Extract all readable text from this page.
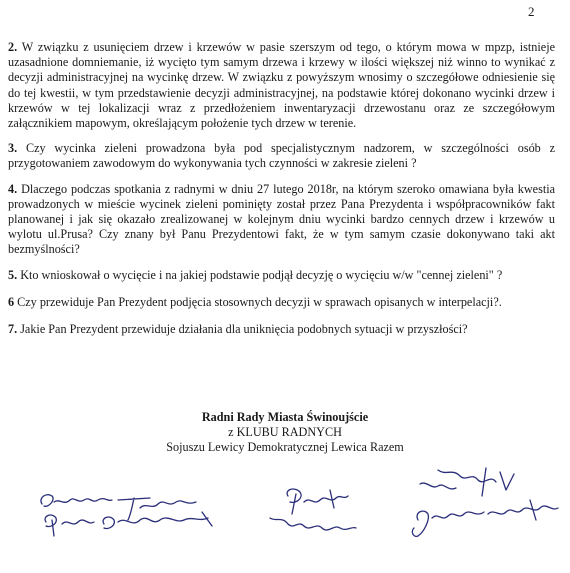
2

2. W związku z usunięciem drzew i krzewów w pasie szerszym od tego, o którym mowa w mpzp, istnieje uzasadnione domniemanie, iż wycięto tym samym drzewa i krzewy w ilości większej niż winno to wynikać z decyzji administracyjnej na wycinkę drzew. W związku z powyższym wnosimy o szczegółowe odniesienie się do tej kwestii, w tym przedstawienie decyzji administracyjnej, na podstawie której dokonano wycinki drzew i krzewów w tej lokalizacji wraz z przedłożeniem inwentaryzacji drzewostanu oraz ze szczegółowym załącznikiem mapowym, określającym położenie tych drzew w terenie.

3. Czy wycinka zieleni prowadzona była pod specjalistycznym nadzorem, w szczególności osób z przygotowaniem zawodowym do wykonywania tych czynności w zakresie zieleni ?

4. Dlaczego podczas spotkania z radnymi w dniu 27 lutego 2018r, na którym szeroko omawiana była kwestia prowadzonych w mieście wycinek zieleni pominięty został przez Pana Prezydenta i współpracowników fakt planowanej i jak się okazało zrealizowanej w kolejnym dniu wycinki bardzo cennych drzew i krzewów u wylotu ul.Prusa? Czy znany był Panu Prezydentowi fakt, że w tym samym czasie dokonywano taki akt bezmyślności?

5. Kto wnioskował o wycięcie i na jakiej podstawie podjął decyzję o wycięciu w/w "cennej zieleni" ?

6 Czy przewiduje Pan Prezydent podjęcia stosownych decyzji w sprawach opisanych w interpelacji?.

7. Jakie Pan Prezydent przewiduje działania dla uniknięcia podobnych sytuacji w przyszłości?

Radni Rady Miasta Świnoujście
z KLUBU RADNYCH
Sojuszu Lewicy Demokratycznej Lewica Razem
